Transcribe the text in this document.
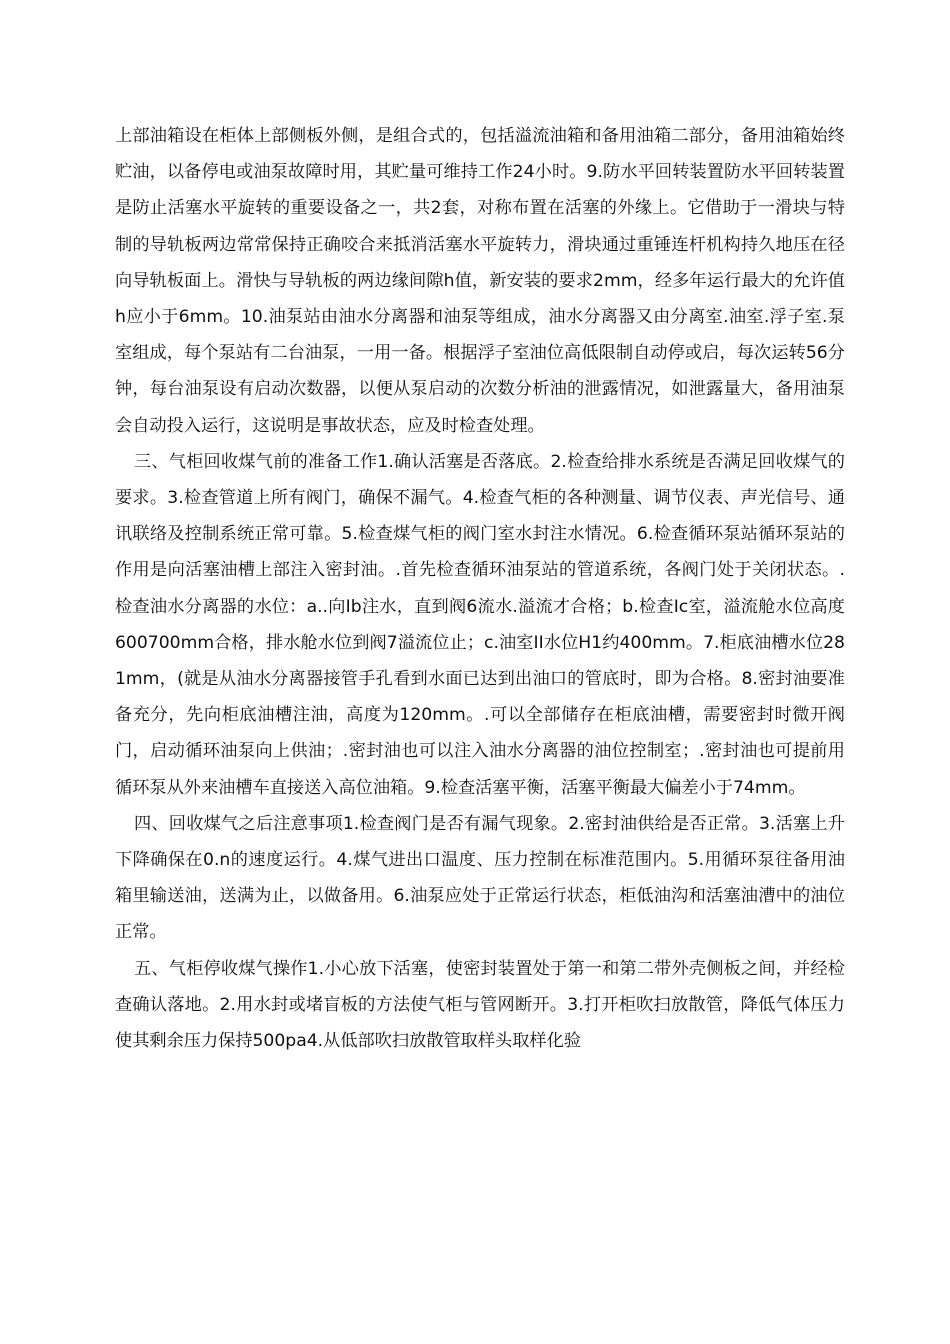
上部油箱设在柜体上部侧板外侧，是组合式的，包括溢流油箱和备用油箱二部分，备用油箱始终贮油，以备停电或油泵故障时用，其贮量可维持工作24小时。9.防水平回转装置防水平回转装置是防止活塞水平旋转的重要设备之一，共2套，对称布置在活塞的外缘上。它借助于一滑块与特制的导轨板两边常常保持正确咬合来抵消活塞水平旋转力，滑块通过重锤连杆机构持久地压在径向导轨板面上。滑快与导轨板的两边缘间隙h值，新安装的要求2mm，经多年运行最大的允许值h应小于6mm。10.油泵站由油水分离器和油泵等组成，油水分离器又由分离室.油室.浮子室.泵室组成，每个泵站有二台油泵，一用一备。根据浮子室油位高低限制自动停或启，每次运转56分钟，每台油泵设有启动次数器，以便从泵启动的次数分析油的泄露情况，如泄露量大，备用油泵会自动投入运行，这说明是事故状态，应及时检查处理。

三、气柜回收煤气前的准备工作1.确认活塞是否落底。2.检查给排水系统是否满足回收煤气的要求。3.检查管道上所有阀门，确保不漏气。4.检查气柜的各种测量、调节仪表、声光信号、通讯联络及控制系统正常可靠。5.检查煤气柜的阀门室水封注水情况。6.检查循环泵站循环泵站的作用是向活塞油槽上部注入密封油。.首先检查循环油泵站的管道系统，各阀门处于关闭状态。.检查油水分离器的水位：a..向Ib注水，直到阀6流水.溢流才合格；b.检查Ic室，溢流舱水位高度600700mm合格，排水舱水位到阀7溢流位止；c.油室II水位H1约400mm。7.柜底油槽水位281mm，(就是从油水分离器接管手孔看到水面已达到出油口的管底时，即为合格。8.密封油要准备充分，先向柜底油槽注油，高度为120mm。.可以全部储存在柜底油槽，需要密封时微开阀门，启动循环油泵向上供油；.密封油也可以注入油水分离器的油位控制室；.密封油也可提前用循环泵从外来油槽车直接送入高位油箱。9.检查活塞平衡，活塞平衡最大偏差小于74mm。

四、回收煤气之后注意事项1.检查阀门是否有漏气现象。2.密封油供给是否正常。3.活塞上升下降确保在0.n的速度运行。4.煤气进出口温度、压力控制在标准范围内。5.用循环泵往备用油箱里输送油，送满为止，以做备用。6.油泵应处于正常运行状态，柜低油沟和活塞油漕中的油位正常。

五、气柜停收煤气操作1.小心放下活塞，使密封装置处于第一和第二带外壳侧板之间，并经检查确认落地。2.用水封或堵盲板的方法使气柜与管网断开。3.打开柜吹扫放散管，降低气体压力使其剩余压力保持500pa4.从低部吹扫放散管取样头取样化验
